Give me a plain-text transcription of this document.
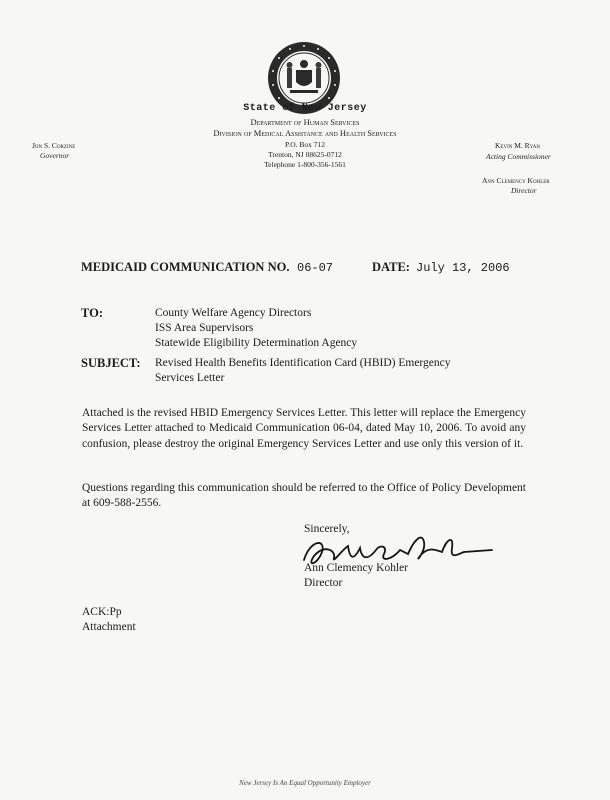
State of New Jersey
Department of Human Services
Division of Medical Assistance and Health Services
P.O. Box 712
Trenton, NJ 08625-0712
Telephone 1-800-356-1561
Jon S. Corzine
Governor
Kevin M. Ryan
Acting Commissioner
Ann Clemency Kohler
Director
MEDICAID COMMUNICATION NO. 06-07	DATE: July 13, 2006
TO:	County Welfare Agency Directors
ISS Area Supervisors
Statewide Eligibility Determination Agency
SUBJECT: Revised Health Benefits Identification Card (HBID) Emergency Services Letter
Attached is the revised HBID Emergency Services Letter. This letter will replace the Emergency Services Letter attached to Medicaid Communication 06-04, dated May 10, 2006. To avoid any confusion, please destroy the original Emergency Services Letter and use only this version of it.
Questions regarding this communication should be referred to the Office of Policy Development at 609-588-2556.
Sincerely,
Ann Clemency Kohler
Director
ACK:Pp
Attachment
New Jersey Is An Equal Opportunity Employer
